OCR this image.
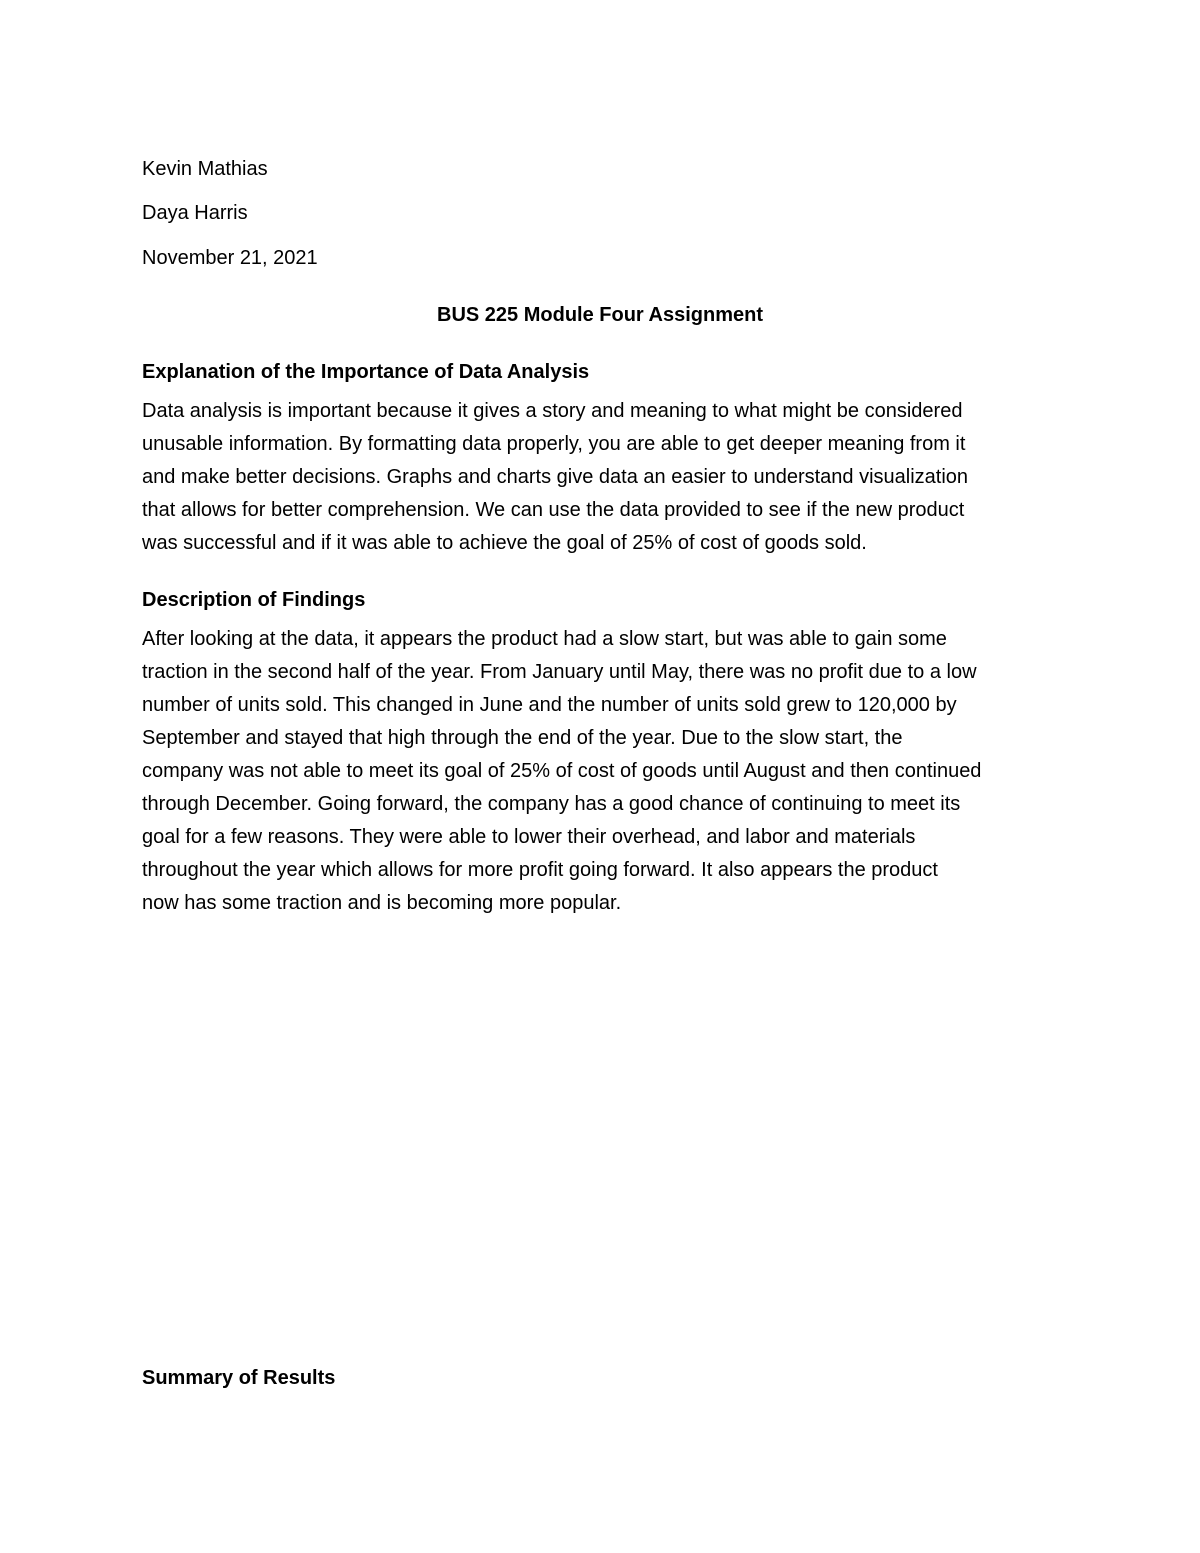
Kevin Mathias
Daya Harris
November 21, 2021
BUS 225 Module Four Assignment
Explanation of the Importance of Data Analysis
Data analysis is important because it gives a story and meaning to what might be considered
unusable information. By formatting data properly, you are able to get deeper meaning from it
and make better decisions. Graphs and charts give data an easier to understand visualization
that allows for better comprehension. We can use the data provided to see if the new product
was successful and if it was able to achieve the goal of 25% of cost of goods sold.
Description of Findings
After looking at the data, it appears the product had a slow start, but was able to gain some
traction in the second half of the year. From January until May, there was no profit due to a low
number of units sold. This changed in June and the number of units sold grew to 120,000 by
September and stayed that high through the end of the year. Due to the slow start, the
company was not able to meet its goal of 25% of cost of goods until August and then continued
through December. Going forward, the company has a good chance of continuing to meet its
goal for a few reasons. They were able to lower their overhead, and labor and materials
throughout the year which allows for more profit going forward. It also appears the product
now has some traction and is becoming more popular.
Summary of Results
